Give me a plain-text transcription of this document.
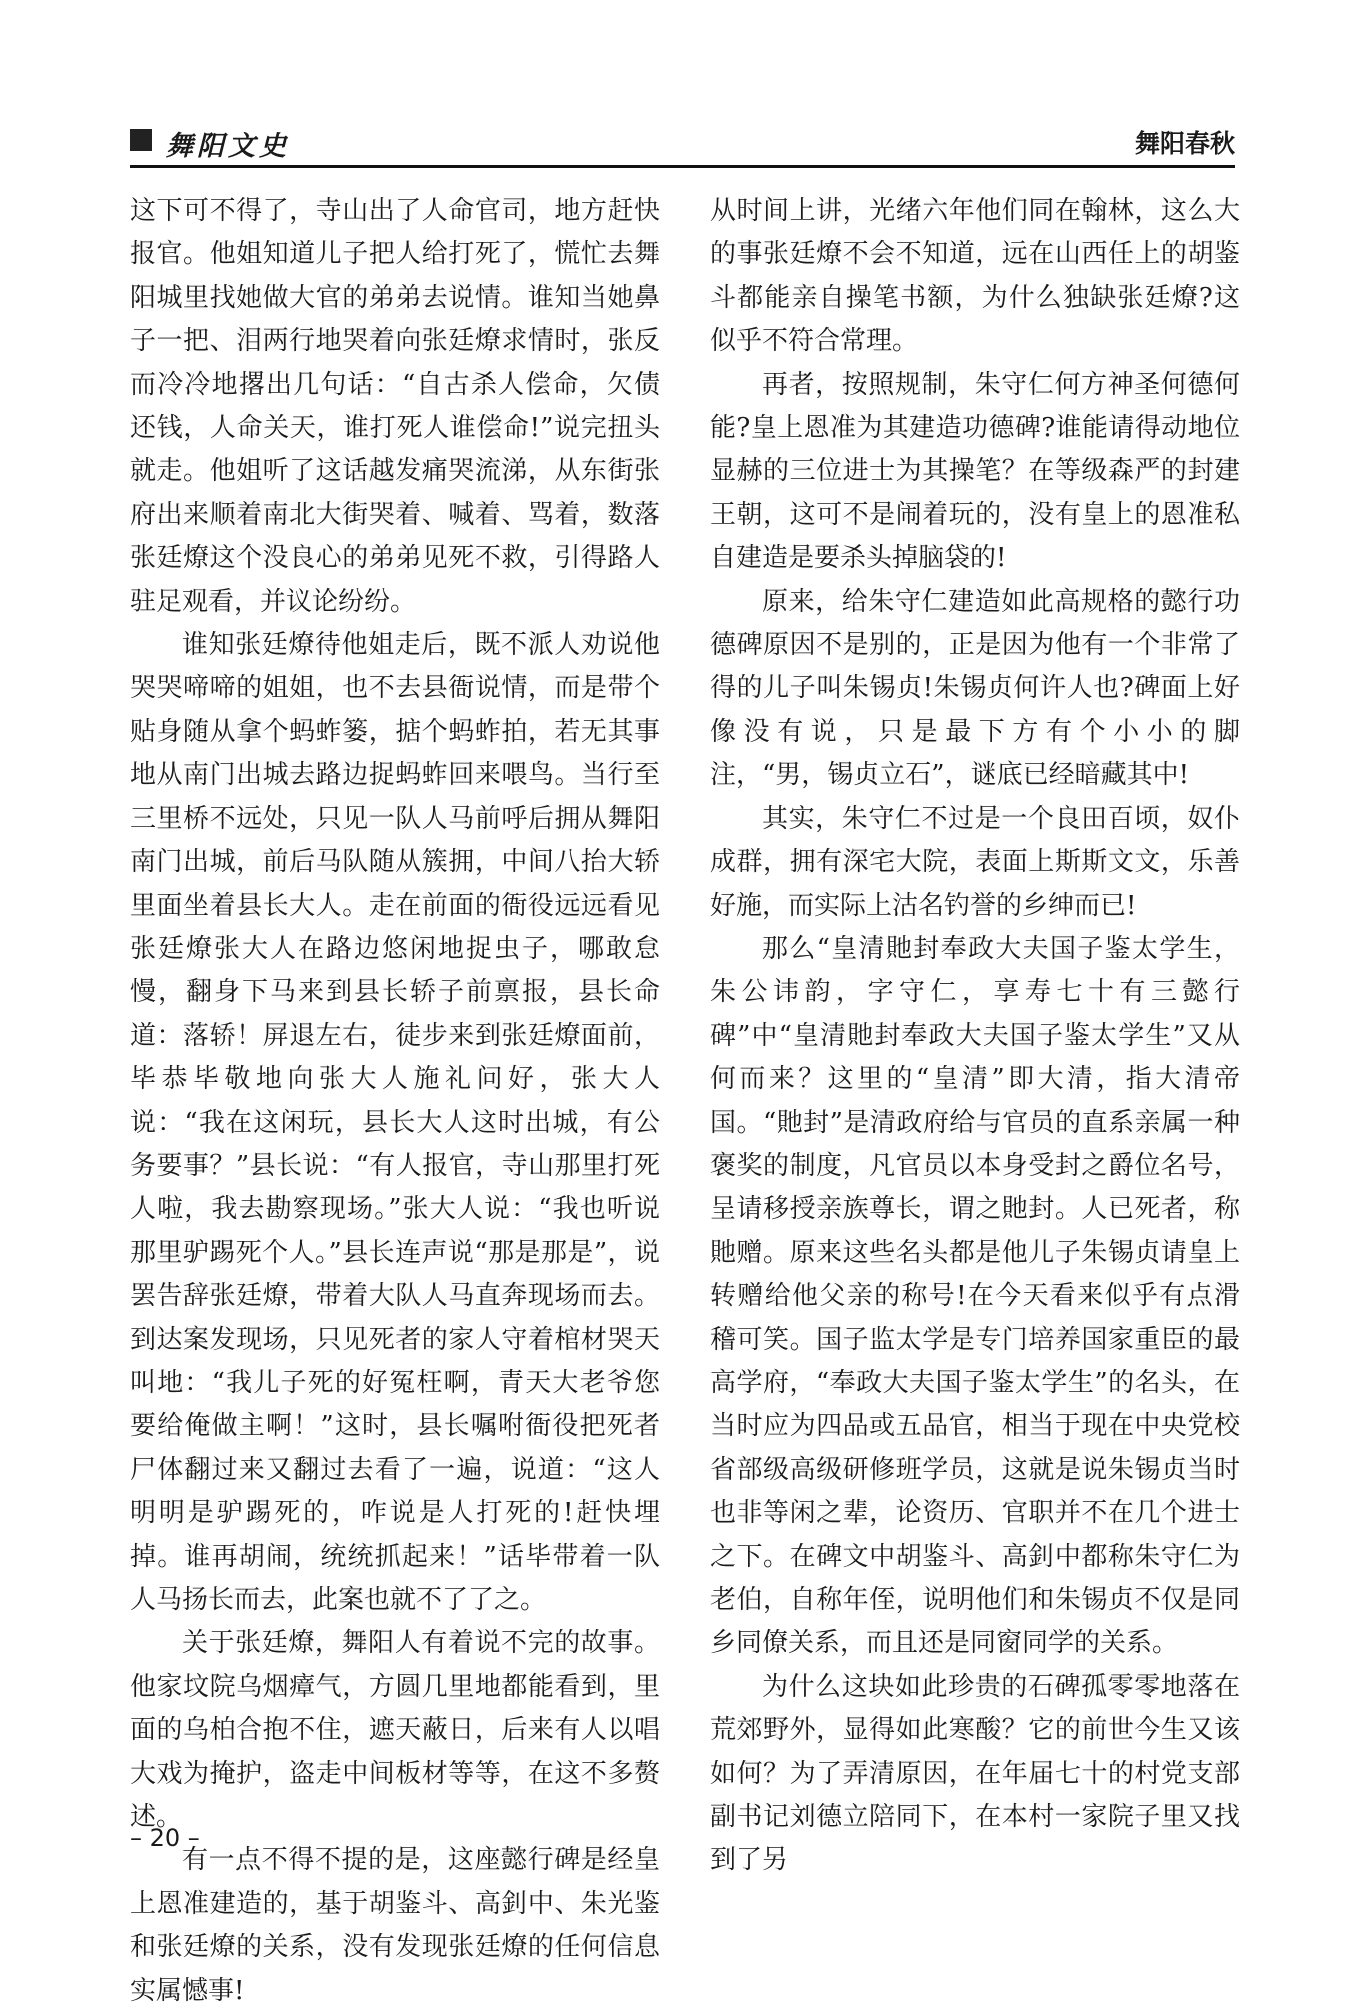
舞阳文史	舞阳春秋

这下可不得了，寺山出了人命官司，地方赶快报官。他姐知道儿子把人给打死了，慌忙去舞阳城里找她做大官的弟弟去说情。谁知当她鼻子一把、泪两行地哭着向张廷燎求情时，张反而冷冷地撂出几句话：“自古杀人偿命，欠债还钱，人命关天，谁打死人谁偿命!”说完扭头就走。他姐听了这话越发痛哭流涕，从东街张府出来顺着南北大街哭着、喊着、骂着，数落张廷燎这个没良心的弟弟见死不救，引得路人驻足观看，并议论纷纷。

谁知张廷燎待他姐走后，既不派人劝说他哭哭啼啼的姐姐，也不去县衙说情，而是带个贴身随从拿个蚂蚱篓，掂个蚂蚱拍，若无其事地从南门出城去路边捉蚂蚱回来喂鸟。当行至三里桥不远处，只见一队人马前呼后拥从舞阳南门出城，前后马队随从簇拥，中间八抬大轿里面坐着县长大人。走在前面的衙役远远看见张廷燎张大人在路边悠闲地捉虫子，哪敢怠慢，翻身下马来到县长轿子前禀报，县长命道：落轿！屏退左右，徒步来到张廷燎面前，毕恭毕敬地向张大人施礼问好，张大人说：“我在这闲玩，县长大人这时出城，有公务要事？”县长说：“有人报官，寺山那里打死人啦，我去勘察现场。”张大人说：“我也听说那里驴踢死个人。”县长连声说“那是那是”，说罢告辞张廷燎，带着大队人马直奔现场而去。到达案发现场，只见死者的家人守着棺材哭天叫地：“我儿子死的好冤枉啊，青天大老爷您要给俺做主啊！”这时，县长嘱咐衙役把死者尸体翻过来又翻过去看了一遍，说道：“这人明明是驴踢死的，咋说是人打死的!赶快埋掉。谁再胡闹，统统抓起来！”话毕带着一队人马扬长而去，此案也就不了了之。

关于张廷燎，舞阳人有着说不完的故事。他家坟院乌烟瘴气，方圆几里地都能看到，里面的乌柏合抱不住，遮天蔽日，后来有人以唱大戏为掩护，盗走中间板材等等，在这不多赘述。

有一点不得不提的是，这座懿行碑是经皇上恩准建造的，基于胡鉴斗、高釗中、朱光鉴和张廷燎的关系，没有发现张廷燎的任何信息实属憾事!

从时间上讲，光绪六年他们同在翰林，这么大的事张廷燎不会不知道，远在山西任上的胡鉴斗都能亲自操笔书额，为什么独缺张廷燎?这似乎不符合常理。

再者，按照规制，朱守仁何方神圣何德何能?皇上恩准为其建造功德碑?谁能请得动地位显赫的三位进士为其操笔？在等级森严的封建王朝，这可不是闹着玩的，没有皇上的恩准私自建造是要杀头掉脑袋的!

原来，给朱守仁建造如此高规格的懿行功德碑原因不是别的，正是因为他有一个非常了得的儿子叫朱锡贞!朱锡贞何许人也?碑面上好像没有说，只是最下方有个小小的脚注，“男，锡贞立石”，谜底已经暗藏其中!

其实，朱守仁不过是一个良田百顷，奴仆成群，拥有深宅大院，表面上斯斯文文，乐善好施，而实际上沽名钓誉的乡绅而已!

那么“皇清貤封奉政大夫国子鉴太学生，朱公讳韵，字守仁，享寿七十有三懿行碑”中“皇清貤封奉政大夫国子鉴太学生”又从何而来？这里的“皇清”即大清，指大清帝国。“貤封”是清政府给与官员的直系亲属一种褒奖的制度，凡官员以本身受封之爵位名号，呈请移授亲族尊长，谓之貤封。人已死者，称貤赠。原来这些名头都是他儿子朱锡贞请皇上转赠给他父亲的称号!在今天看来似乎有点滑稽可笑。国子监太学是专门培养国家重臣的最高学府，“奉政大夫国子鉴太学生”的名头，在当时应为四品或五品官，相当于现在中央党校省部级高级研修班学员，这就是说朱锡贞当时也非等闲之辈，论资历、官职并不在几个进士之下。在碑文中胡鉴斗、高釗中都称朱守仁为老伯，自称年侄，说明他们和朱锡贞不仅是同乡同僚关系，而且还是同窗同学的关系。

为什么这块如此珍贵的石碑孤零零地落在荒郊野外，显得如此寒酸？它的前世今生又该如何？为了弄清原因，在年届七十的村党支部副书记刘德立陪同下，在本村一家院子里又找到了另

– 20 –
